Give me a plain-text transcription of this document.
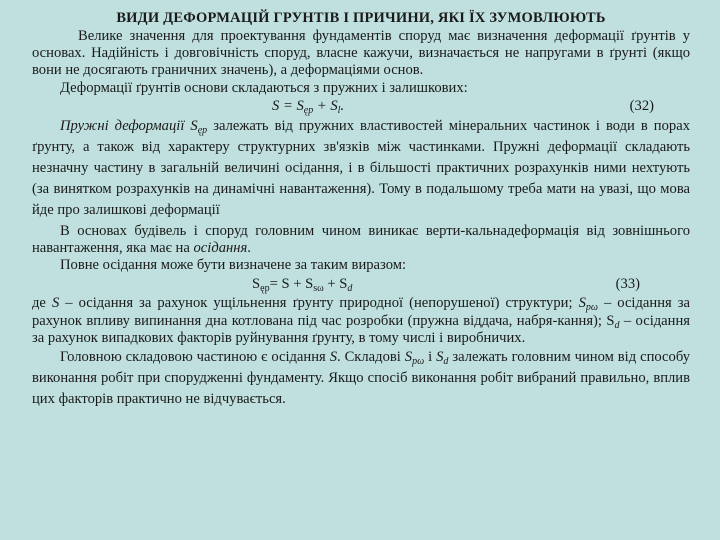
ВИДИ ДЕФОРМАЦІЙ ГРУНТІВ І ПРИЧИНИ, ЯКІ ЇХ ЗУМОВЛЮЮТЬ

Велике значення для проектування фундаментів споруд має визначення деформації ґрунтів у основах. Надійність і довговічність споруд, власне кажучи, визначається не напругами в ґрунті (якщо вони не досягають граничних значень), а деформаціями основ.

Деформації ґрунтів основи складаються з пружних і залишкових:

$S = S_{ęр} + S_l$.	(32)

Пружні деформації $S_{ęр}$ залежать від пружних властивостей мінеральних частинок і води в порах ґрунту, а також від характеру структурних зв'язків між частинками. Пружні деформації складають незначну частину в загальній величині осідання, і в більшості практичних розрахунків ними нехтують (за винятком розрахунків на динамічні навантаження). Тому в подальшому треба мати на увазі, що мова йде про залишкові деформації

В основах будівель і споруд головним чином виникає верти-кальнадеформація від зовнішнього навантаження, яка має на осідання.

Повне осідання може бути визначене за таким виразом:

$S_{ęр}= S + S_{s\omega} + S_d$	(33)

де S – осідання за рахунок ущільнення ґрунту природної (непорушеної) структури; $S_{p\omega}$ – осідання за рахунок впливу випинання дна котлована під час розробки (пружна віддача, набря-кання); $S_d$ – осідання за рахунок випадкових факторів руйнування ґрунту, в тому числі і виробничих.

Головною складовою частиною є осідання S. Складові $S_{p\omega}$ і $S_d$ залежать головним чином від способу виконання робіт при спорудженні фундаменту. Якщо спосіб виконання робіт вибраний правильно, вплив цих факторів практично не відчувається.
